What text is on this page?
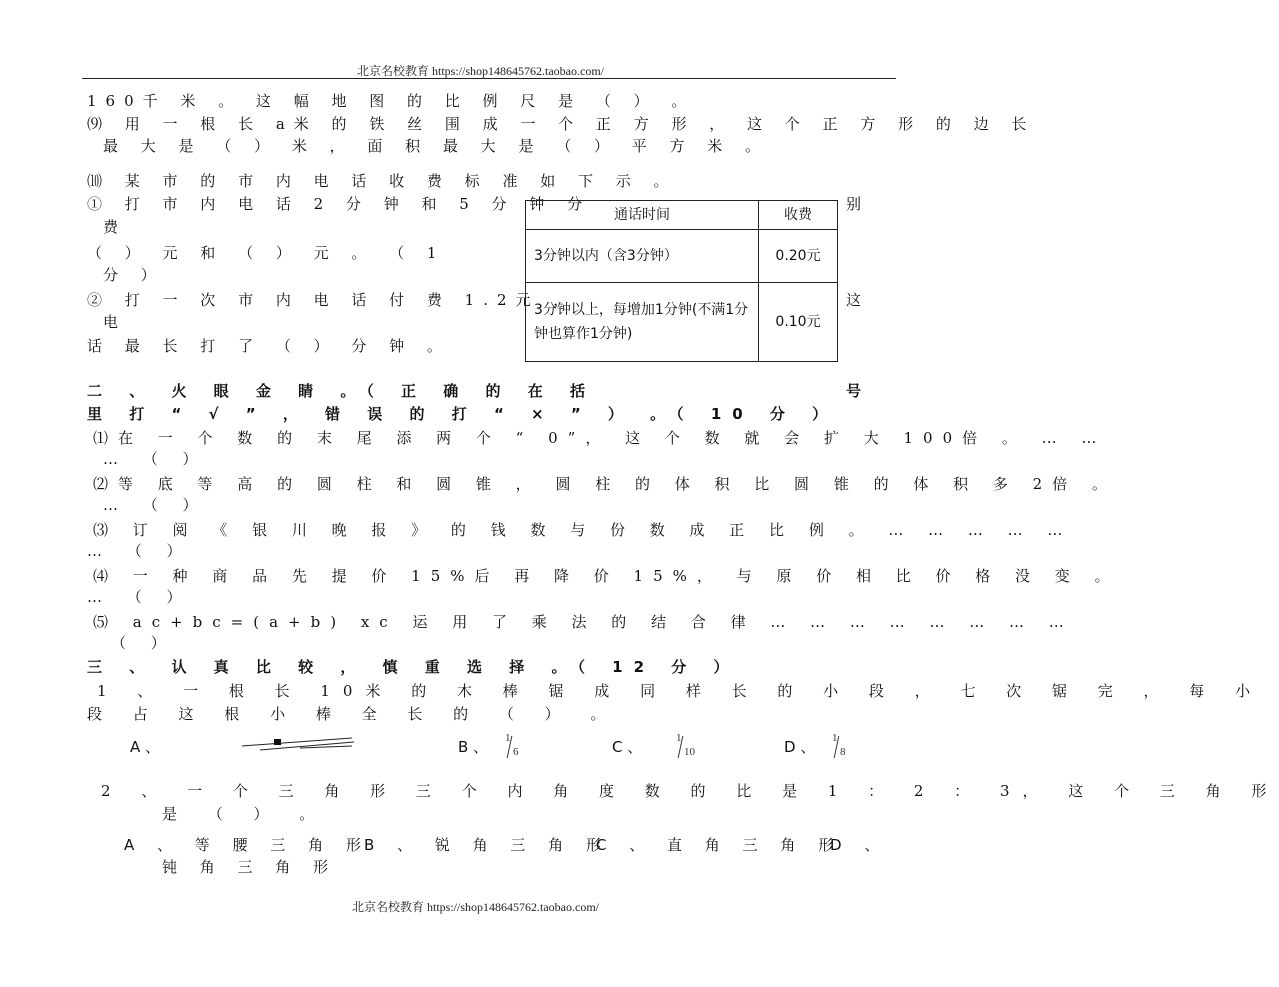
北京名校教育 https://shop148645762.taobao.com/
160千 米 。 这 幅 地 图 的 比 例 尺 是 （ ） 。
⑼ 用 一 根 长 a米 的 铁 丝 围 成 一 个 正 方 形 ， 这 个 正 方 形 的 边 长
最 大 是 （ ） 米 ， 面 积 最 大 是 （ ） 平 方 米 。
⑽ 某 市 的 市 内 电 话 收 费 标 准 如 下 示 。
① 打 市 内 电 话 2 分 钟 和 5 分 钟 分	别
费
（ ） 元 和 （ ） 元 。 （ 1
分 ）
② 打 一 次 市 内 电 话 付 费 1.2元 ，	这
电
话 最 长 打 了 （ ） 分 钟 。
通话时间	收费
3分钟以内（含3分钟）	0.20元
3分钟以上，每增加1分钟(不满1分钟也算作1分钟)	0.10元
二 、 火 眼 金 睛 。（ 正 确 的 在 括	号
里 打 “ √ ” ， 错 误 的 打 “ × ” ） 。（ 10 分 ）
⑴在 一 个 数 的 末 尾 添 两 个 “ 0”， 这 个 数 就 会 扩 大 100倍 。 … …
… （ ）
⑵等 底 等 高 的 圆 柱 和 圆 锥 ， 圆 柱 的 体 积 比 圆 锥 的 体 积 多 2倍 。
… （ ）
⑶ 订 阅 《 银 川 晚 报 》 的 钱 数 与 份 数 成 正 比 例 。 … … … … …
… （ ）
⑷ 一 种 商 品 先 提 价 15%后 再 降 价 15%， 与 原 价 相 比 价 格 没 变 。
… （ ）
⑸ ac+bc=(a+b) xc 运 用 了 乘 法 的 结 合 律 … … … … … … … …
（ ）
三 、 认 真 比 较 ， 慎 重 选 择 。（ 12 分 ）
1 、 一 根 长 10米 的 木 棒 锯 成 同 样 长 的 小 段 ， 七 次 锯 完 ， 每 小
段 占 这 根 小 棒 全 长 的 （ ） 。
A 、	B 、 1
6	C 、	1
10	D 、 1
8
2 、 一 个 三 角 形 三 个 内 角 度 数 的 比 是 1 ： 2 ： 3， 这 个 三 角 形
是 （ ） 。
A 、 等 腰 三 角 形
B 、 锐 角 三 角 形
C 、 直 角 三 角 形
D 、
钝 角 三 角 形
北京名校教育 https://shop148645762.taobao.com/
